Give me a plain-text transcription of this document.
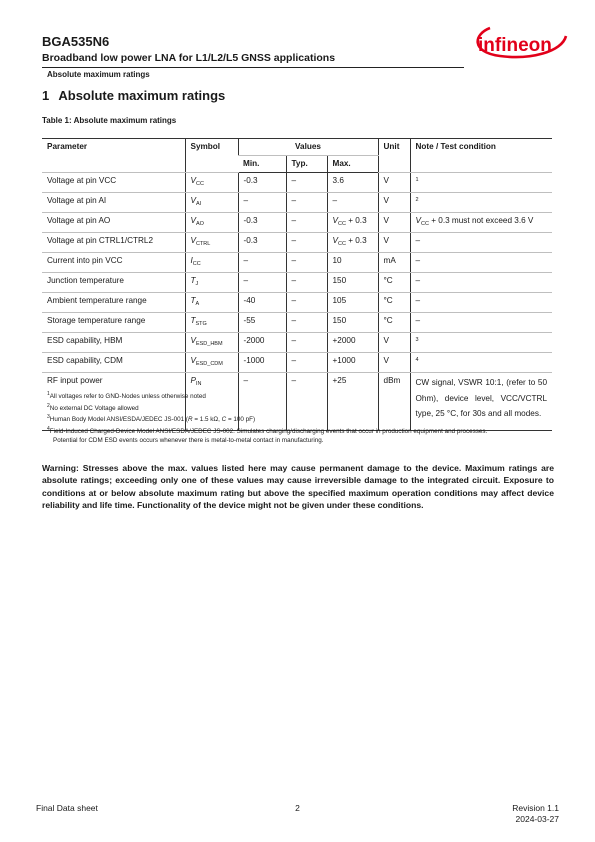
BGA535N6
Broadband low power LNA for L1/L2/L5 GNSS applications
Absolute maximum ratings
infineon
1 Absolute maximum ratings
Table 1: Absolute maximum ratings
Parameter	Symbol	Values			Unit	Note / Test condition
		Min.	Typ.	Max.		
Voltage at pin VCC	$V_{CC}$	-0.3	–	3.6	V	$^1$
Voltage at pin AI	$V_{AI}$	–	–	–	V	$^2$
Voltage at pin AO	$V_{AO}$	-0.3	–	$V_{CC} + 0.3$	V	$V_{CC} + 0.3$ must not exceed 3.6 V
Voltage at pin CTRL1/CTRL2	$V_{CTRL}$	-0.3	–	$V_{CC} + 0.3$	V	–
Current into pin VCC	$I_{CC}$	–	–	10	mA	–
Junction temperature	$T_J$	–	–	150	°C	–
Ambient temperature range	$T_A$	-40	–	105	°C	–
Storage temperature range	$T_{STG}$	-55	–	150	°C	–
ESD capability, HBM	$V_{ESD\_HBM}$	-2000	–	+2000	V	$^3$
ESD capability, CDM	$V_{ESD\_CDM}$	-1000	–	+1000	V	$^4$
RF input power	$P_{IN}$	–	–	+25	dBm	CW signal, VSWR 10:1, (refer to 50 Ohm), device level, VCC/VCTRL type, 25 °C, for 30s and all modes.
$^1$All voltages refer to GND-Nodes unless otherwise noted
$^2$No external DC Voltage allowed
$^3$Human Body Model ANSI/ESDA/JEDEC JS-001 (R = 1.5 kΩ, C = 100 pF)
$^4$Field-Induced Charged-Device Model ANSI/ESDA/JEDEC JS-002. Simulates charging/discharging events that occur in production equipment and processes.
Potential for CDM ESD events occurs whenever there is metal-to-metal contact in manufacturing.
Warning: Stresses above the max. values listed here may cause permanent damage to the device. Maximum ratings are absolute ratings; exceeding only one of these values may cause irreversible damage to the integrated circuit. Exposure to conditions at or below absolute maximum rating but above the specified maximum operation conditions may affect device reliability and life time. Functionality of the device might not be given under these conditions.
Final Data sheet	2	Revision 1.1
2024-03-27
